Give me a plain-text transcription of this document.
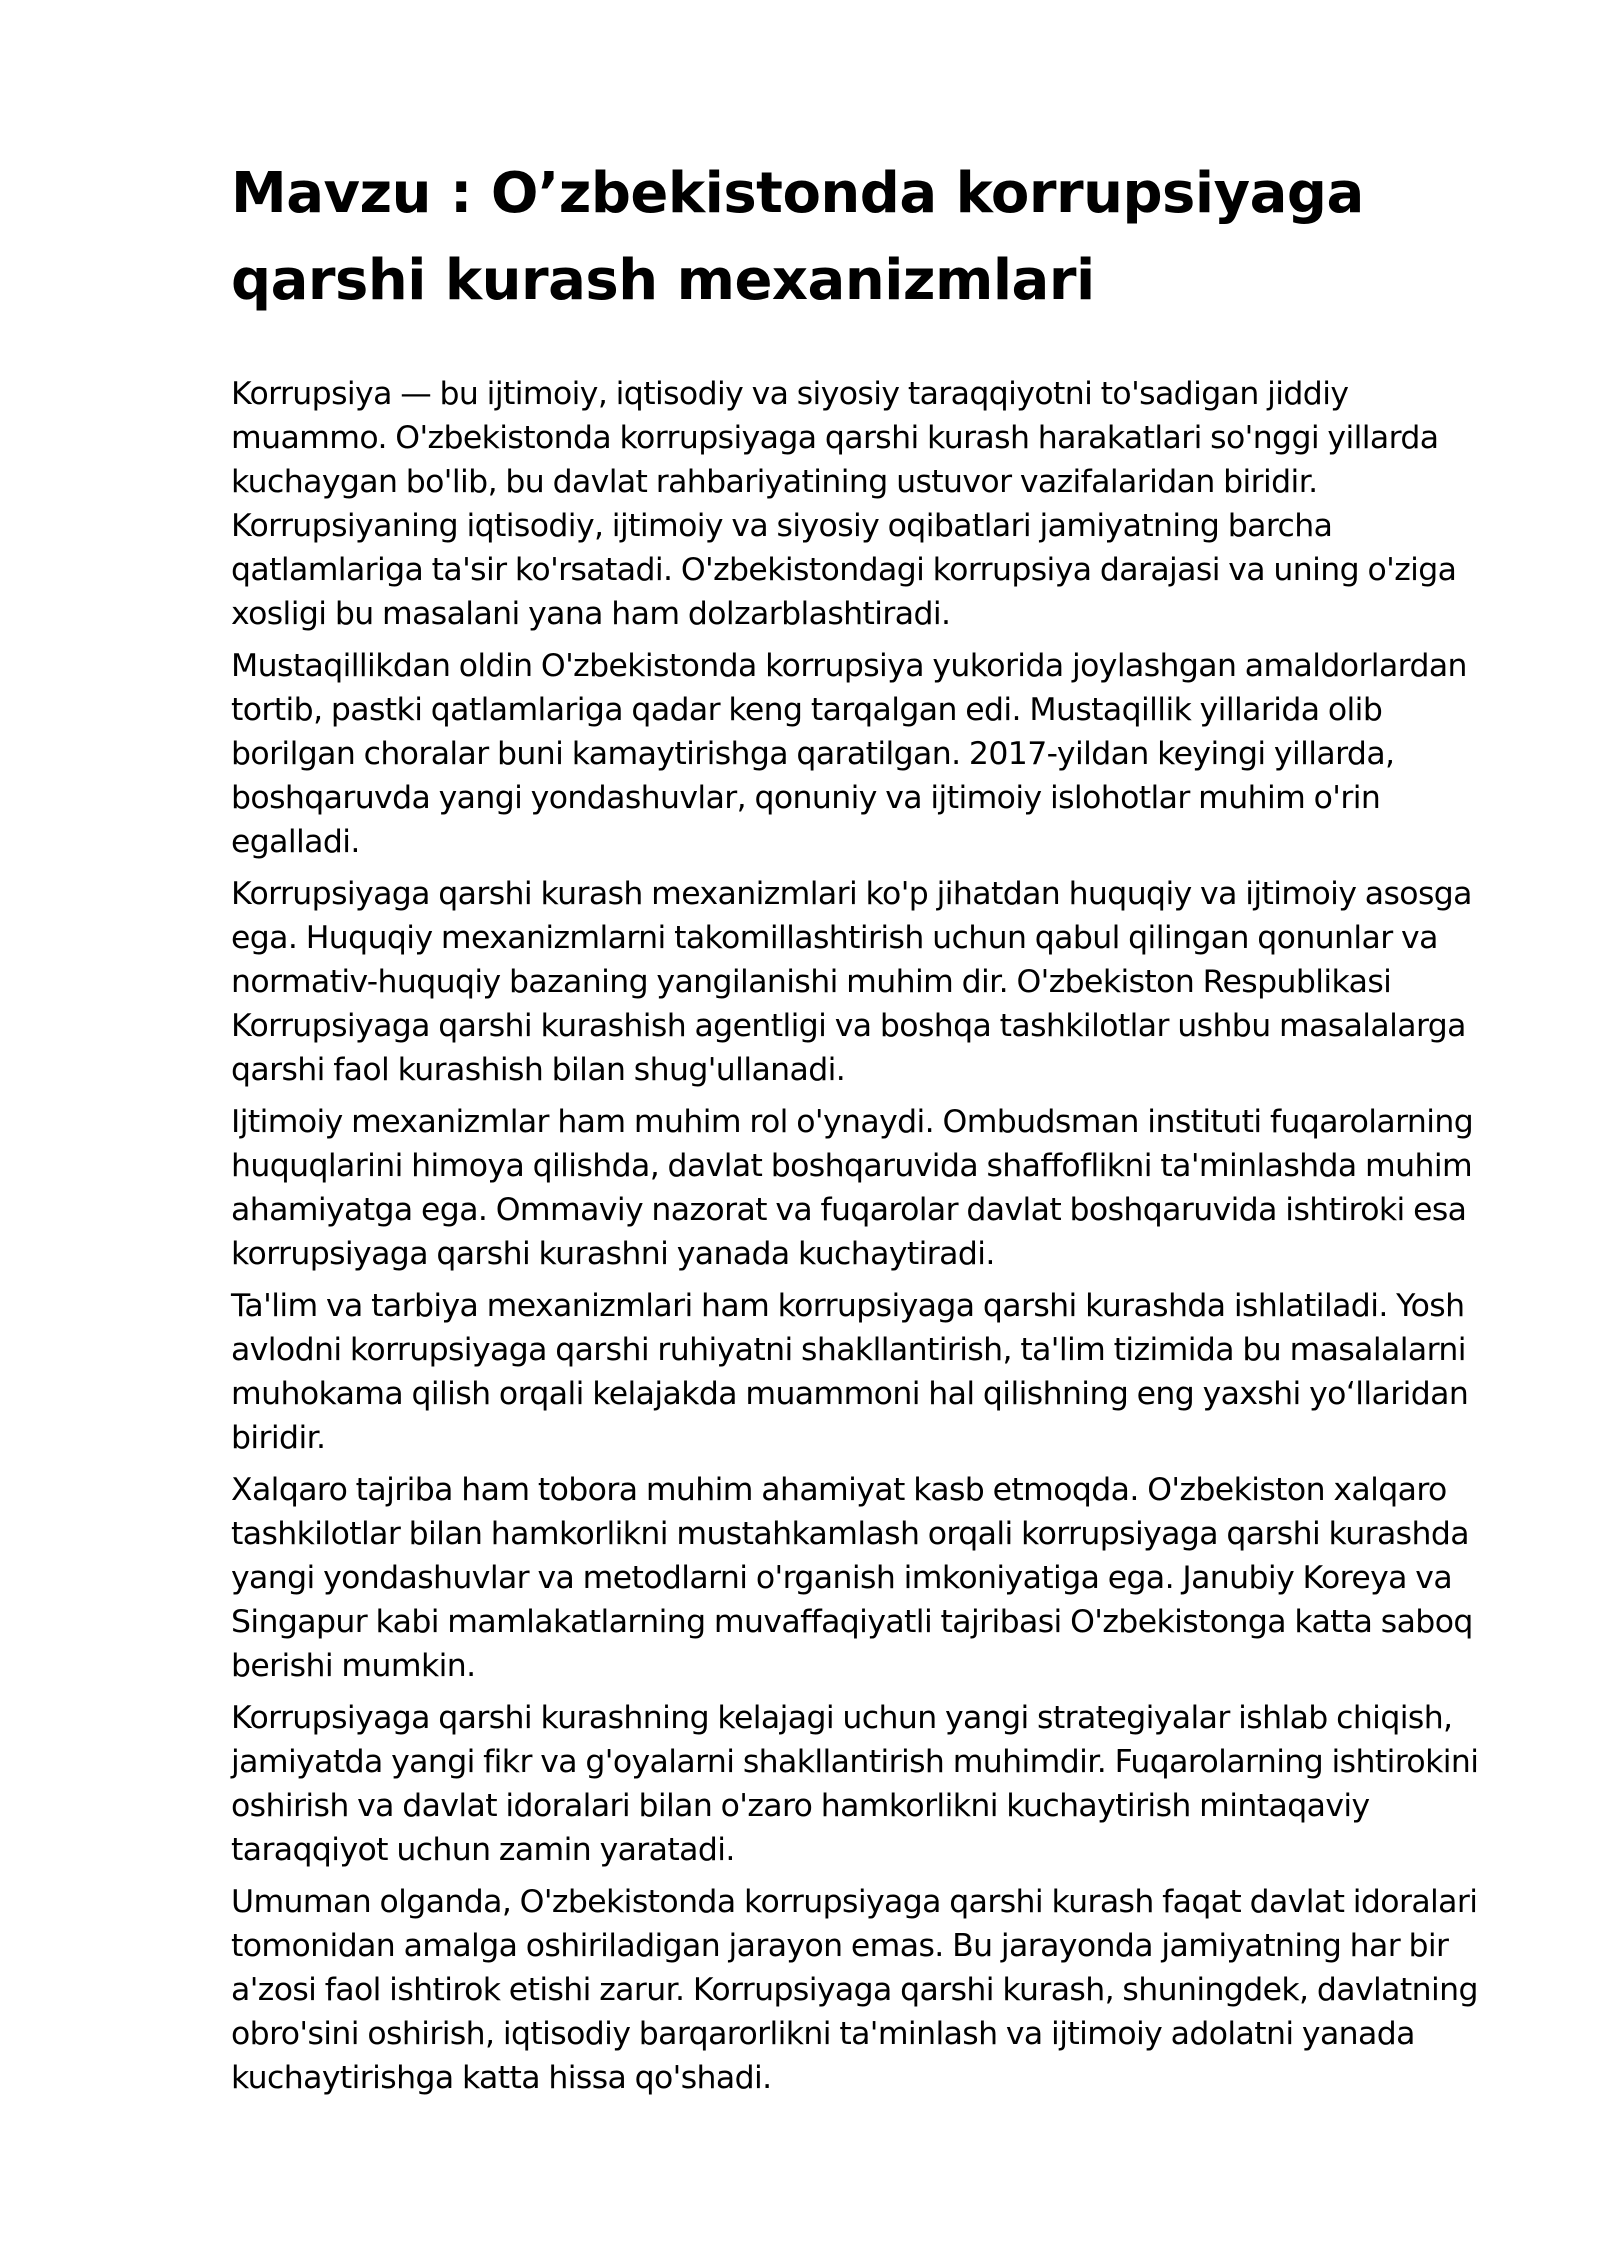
Mavzu : O’zbekistonda korrupsiyaga qarshi kurash mexanizmlari

Korrupsiya — bu ijtimoiy, iqtisodiy va siyosiy taraqqiyotni to'sadigan jiddiy muammo. O'zbekistonda korrupsiyaga qarshi kurash harakatlari so'nggi yillarda kuchaygan bo'lib, bu davlat rahbariyatining ustuvor vazifalaridan biridir. Korrupsiyaning iqtisodiy, ijtimoiy va siyosiy oqibatlari jamiyatning barcha qatlamlariga ta'sir ko'rsatadi. O'zbekistondagi korrupsiya darajasi va uning o'ziga xosligi bu masalani yana ham dolzarblashtiradi.

Mustaqillikdan oldin O'zbekistonda korrupsiya yukorida joylashgan amaldorlardan tortib, pastki qatlamlariga qadar keng tarqalgan edi. Mustaqillik yillarida olib borilgan choralar buni kamaytirishga qaratilgan. 2017-yildan keyingi yillarda, boshqaruvda yangi yondashuvlar, qonuniy va ijtimoiy islohotlar muhim o'rin egalladi.

Korrupsiyaga qarshi kurash mexanizmlari ko'p jihatdan huquqiy va ijtimoiy asosga ega. Huquqiy mexanizmlarni takomillashtirish uchun qabul qilingan qonunlar va normativ-huquqiy bazaning yangilanishi muhim dir. O'zbekiston Respublikasi Korrupsiyaga qarshi kurashish agentligi va boshqa tashkilotlar ushbu masalalarga qarshi faol kurashish bilan shug'ullanadi.

Ijtimoiy mexanizmlar ham muhim rol o'ynaydi. Ombudsman instituti fuqarolarning huquqlarini himoya qilishda, davlat boshqaruvida shaffoflikni ta'minlashda muhim ahamiyatga ega. Ommaviy nazorat va fuqarolar davlat boshqaruvida ishtiroki esa korrupsiyaga qarshi kurashni yanada kuchaytiradi.

Ta'lim va tarbiya mexanizmlari ham korrupsiyaga qarshi kurashda ishlatiladi. Yosh avlodni korrupsiyaga qarshi ruhiyatni shakllantirish, ta'lim tizimida bu masalalarni muhokama qilish orqali kelajakda muammoni hal qilishning eng yaxshi yoʻllaridan biridir.

Xalqaro tajriba ham tobora muhim ahamiyat kasb etmoqda. O'zbekiston xalqaro tashkilotlar bilan hamkorlikni mustahkamlash orqali korrupsiyaga qarshi kurashda yangi yondashuvlar va metodlarni o'rganish imkoniyatiga ega. Janubiy Koreya va Singapur kabi mamlakatlarning muvaffaqiyatli tajribasi O'zbekistonga katta saboq berishi mumkin.

Korrupsiyaga qarshi kurashning kelajagi uchun yangi strategiyalar ishlab chiqish, jamiyatda yangi fikr va g'oyalarni shakllantirish muhimdir. Fuqarolarning ishtirokini oshirish va davlat idoralari bilan o'zaro hamkorlikni kuchaytirish mintaqaviy taraqqiyot uchun zamin yaratadi.

Umuman olganda, O'zbekistonda korrupsiyaga qarshi kurash faqat davlat idoralari tomonidan amalga oshiriladigan jarayon emas. Bu jarayonda jamiyatning har bir a'zosi faol ishtirok etishi zarur. Korrupsiyaga qarshi kurash, shuningdek, davlatning obro'sini oshirish, iqtisodiy barqarorlikni ta'minlash va ijtimoiy adolatni yanada kuchaytirishga katta hissa qo'shadi.
